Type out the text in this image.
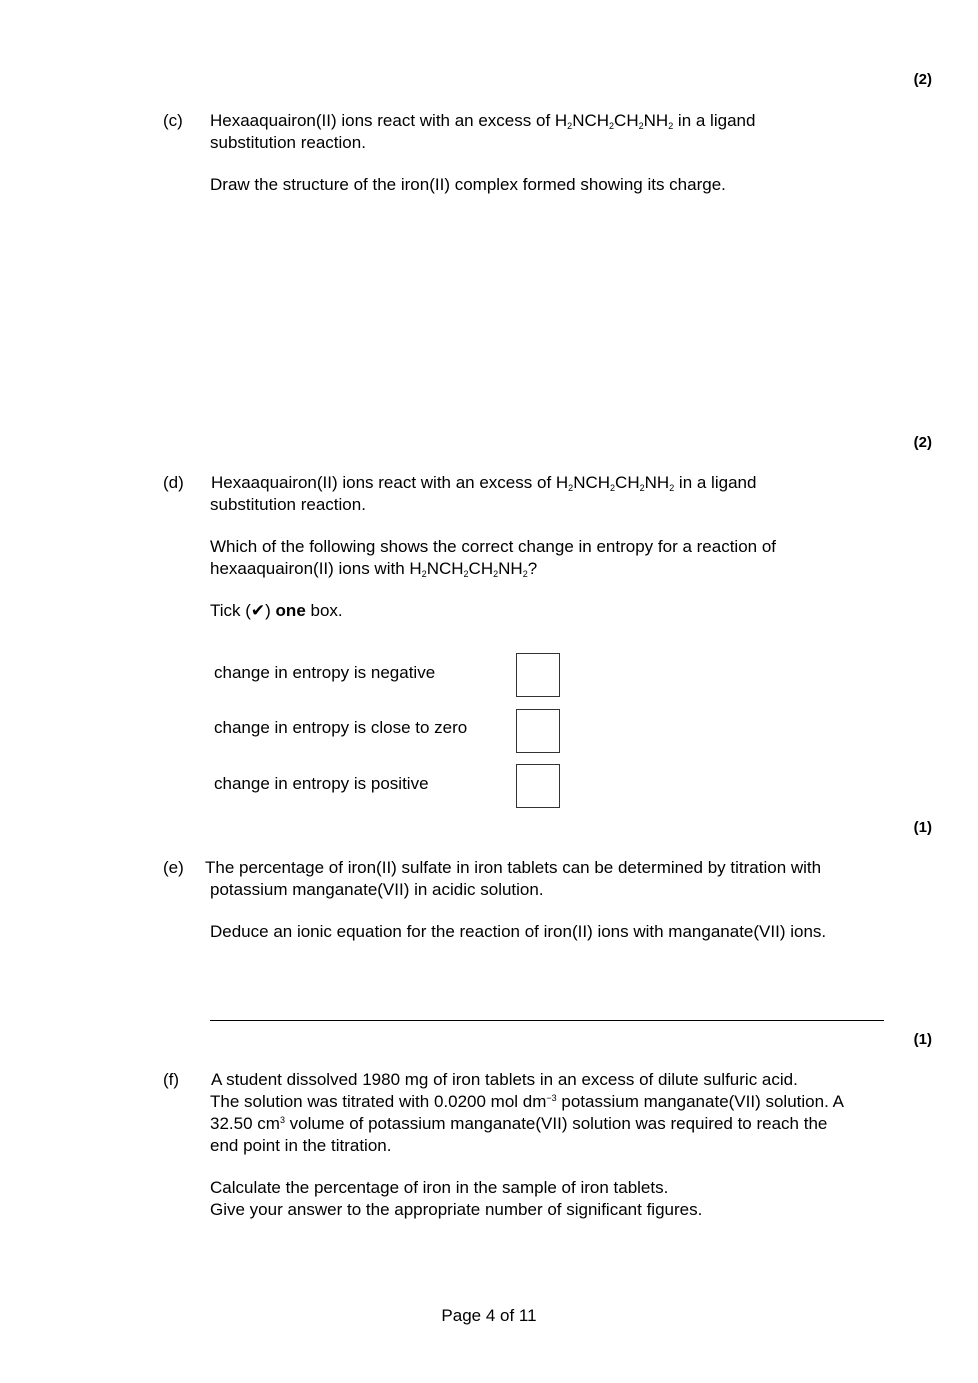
(2)
(c) Hexaaquairon(II) ions react with an excess of $H_2NCH_2CH_2NH_2$ in a ligand
substitution reaction.
Draw the structure of the iron(II) complex formed showing its charge.
(2)
(d) Hexaaquairon(II) ions react with an excess of $H_2NCH_2CH_2NH_2$ in a ligand
substitution reaction.
Which of the following shows the correct change in entropy for a reaction of
hexaaquairon(II) ions with $H_2NCH_2CH_2NH_2$?
Tick (✔) one box.
change in entropy is negative
change in entropy is close to zero
change in entropy is positive
(1)
(e) The percentage of iron(II) sulfate in iron tablets can be determined by titration with
potassium manganate(VII) in acidic solution.
Deduce an ionic equation for the reaction of iron(II) ions with manganate(VII) ions.
(1)
(f) A student dissolved 1980 mg of iron tablets in an excess of dilute sulfuric acid.
The solution was titrated with 0.0200 mol $dm^{-3}$ potassium manganate(VII) solution. A
32.50 $cm^3$ volume of potassium manganate(VII) solution was required to reach the
end point in the titration.
Calculate the percentage of iron in the sample of iron tablets.
Give your answer to the appropriate number of significant figures.
Page 4 of 11
